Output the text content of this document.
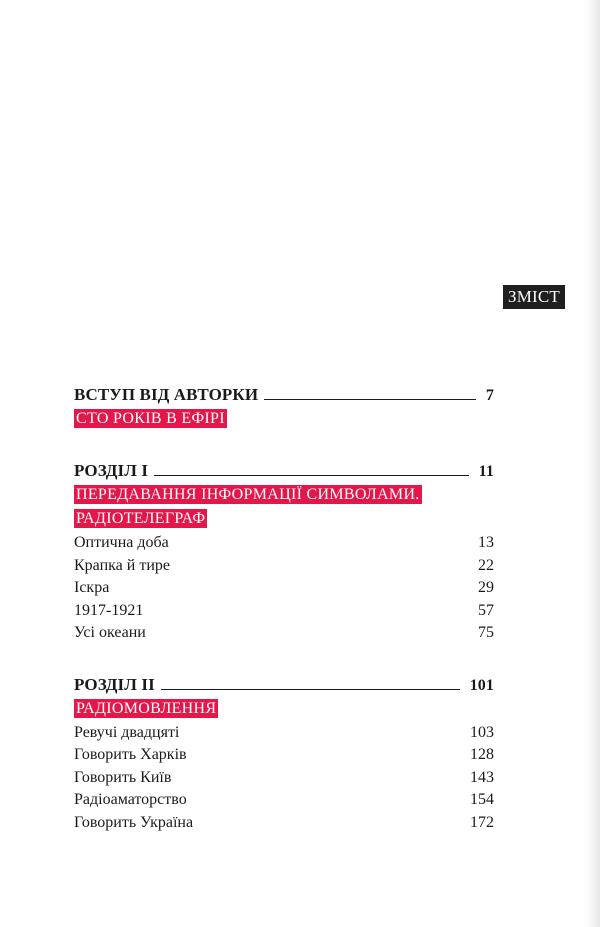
ЗМІСТ
ВСТУП ВІД АВТОРКИ	7
СТО РОКІВ В ЕФІРІ
РОЗДІЛ І	11
ПЕРЕДАВАННЯ ІНФОРМАЦІЇ СИМВОЛАМИ. РАДІОТЕЛЕГРАФ
Оптична доба	13
Крапка й тире	22
Іскра	29
1917-1921	57
Усі океани	75
РОЗДІЛ ІІ	101
РАДІОМОВЛЕННЯ
Ревучі двадцяті	103
Говорить Харків	128
Говорить Київ	143
Радіоаматорство	154
Говорить Україна	172
